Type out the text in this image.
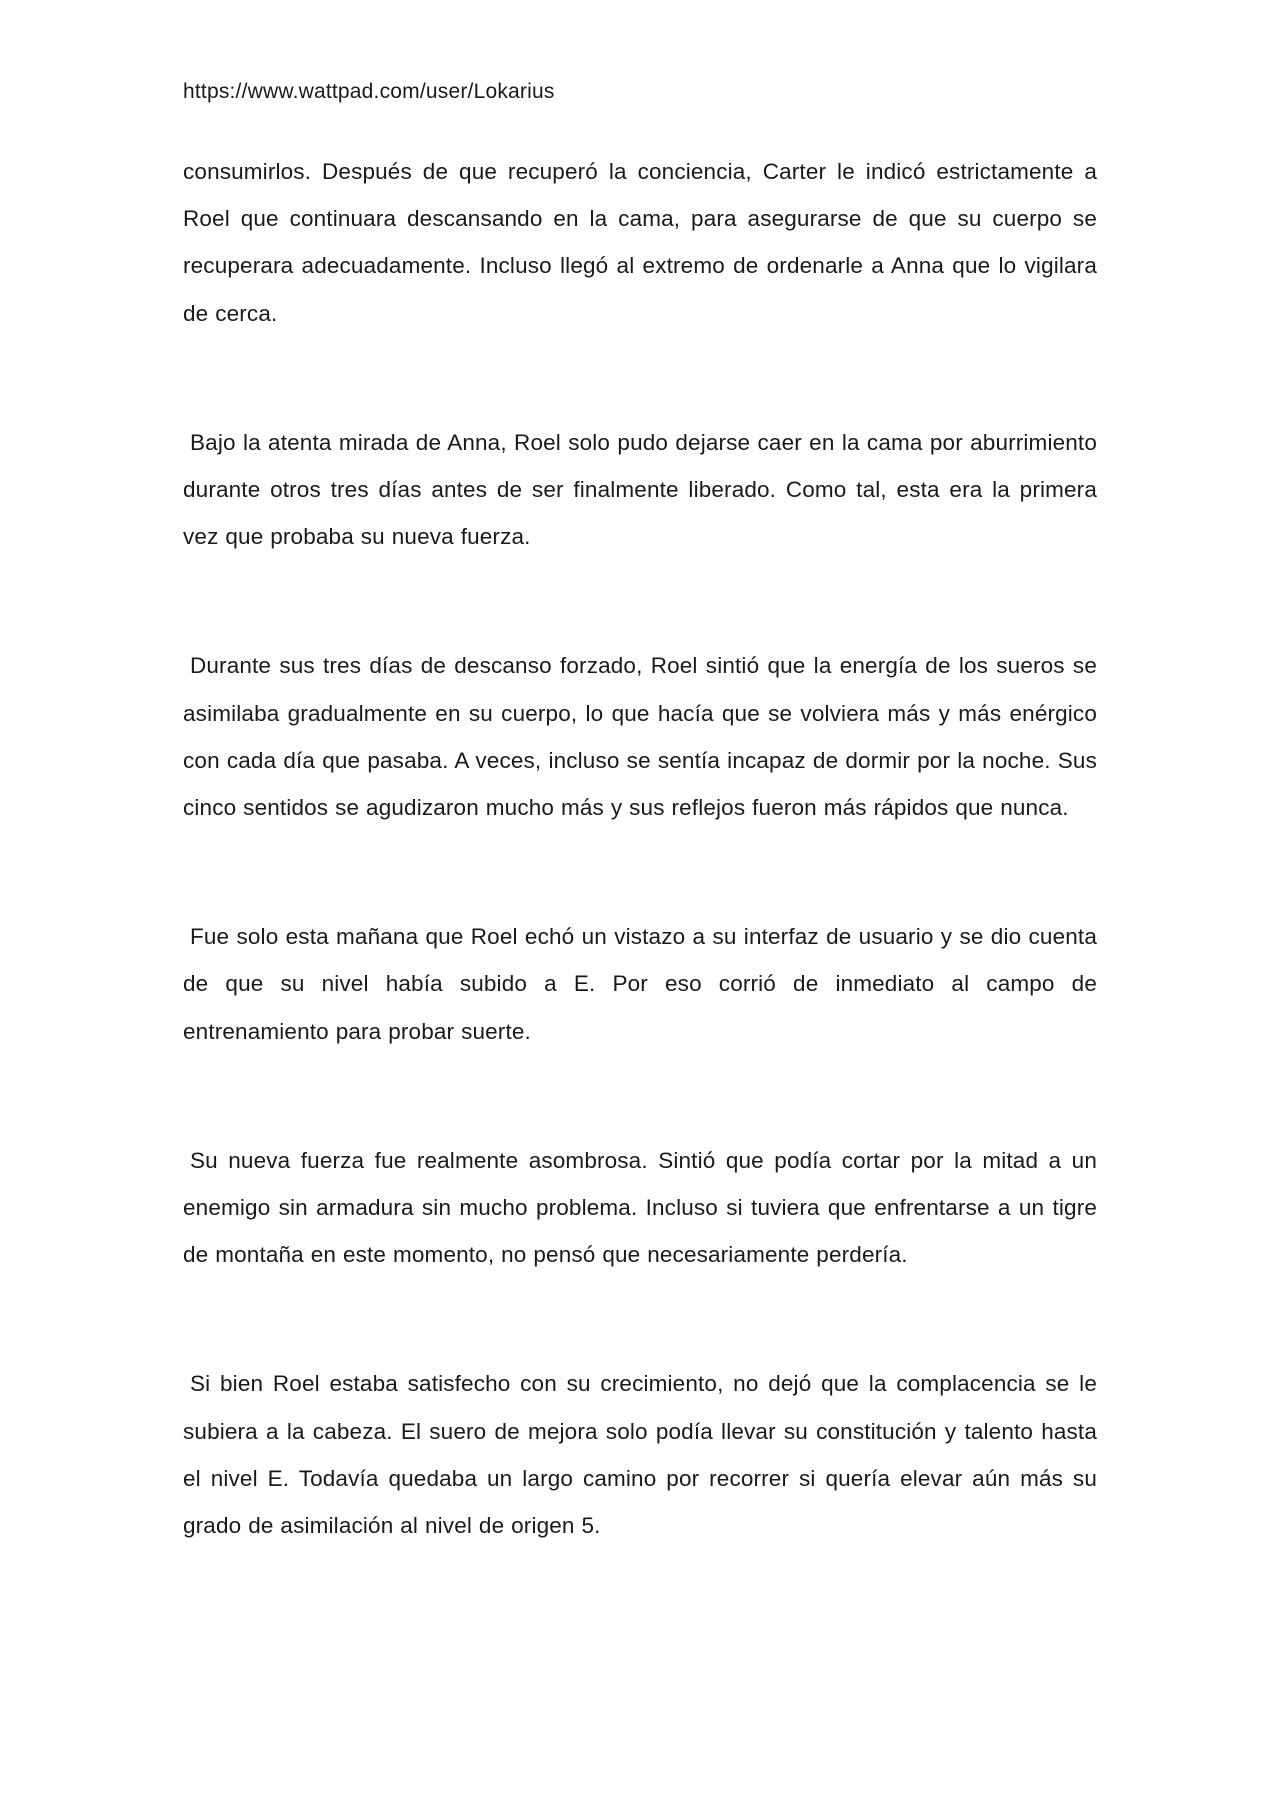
https://www.wattpad.com/user/Lokarius

consumirlos. Después de que recuperó la conciencia, Carter le indicó estrictamente a Roel que continuara descansando en la cama, para asegurarse de que su cuerpo se recuperara adecuadamente. Incluso llegó al extremo de ordenarle a Anna que lo vigilara de cerca.

Bajo la atenta mirada de Anna, Roel solo pudo dejarse caer en la cama por aburrimiento durante otros tres días antes de ser finalmente liberado. Como tal, esta era la primera vez que probaba su nueva fuerza.

Durante sus tres días de descanso forzado, Roel sintió que la energía de los sueros se asimilaba gradualmente en su cuerpo, lo que hacía que se volviera más y más enérgico con cada día que pasaba. A veces, incluso se sentía incapaz de dormir por la noche. Sus cinco sentidos se agudizaron mucho más y sus reflejos fueron más rápidos que nunca.

Fue solo esta mañana que Roel echó un vistazo a su interfaz de usuario y se dio cuenta de que su nivel había subido a E. Por eso corrió de inmediato al campo de entrenamiento para probar suerte.

Su nueva fuerza fue realmente asombrosa. Sintió que podía cortar por la mitad a un enemigo sin armadura sin mucho problema. Incluso si tuviera que enfrentarse a un tigre de montaña en este momento, no pensó que necesariamente perdería.

Si bien Roel estaba satisfecho con su crecimiento, no dejó que la complacencia se le subiera a la cabeza. El suero de mejora solo podía llevar su constitución y talento hasta el nivel E. Todavía quedaba un largo camino por recorrer si quería elevar aún más su grado de asimilación al nivel de origen 5.
